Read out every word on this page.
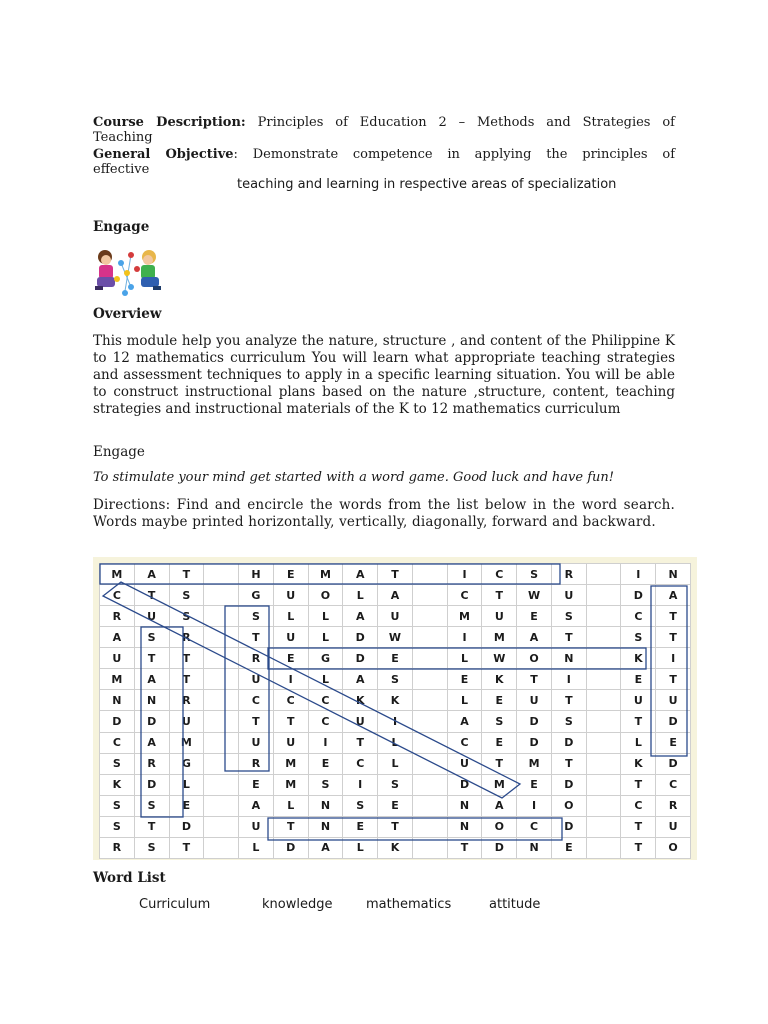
Course Description: Principles of Education 2 – Methods and Strategies of
Teaching
General Objective: Demonstrate competence in applying the principles of
effective
teaching and learning in respective areas of specialization
Engage
Overview
This module help you analyze the nature, structure , and content of the Philippine K to 12 mathematics curriculum You will learn what appropriate teaching strategies and assessment techniques to apply in a specific learning situation. You will be able to construct instructional plans based on the nature ,structure, content, teaching strategies and instructional materials of the K to 12 mathematics curriculum
Engage
To stimulate your mind get started with a word game. Good luck and have fun!
Directions: Find and encircle the words from the list below in the word search. Words maybe printed horizontally, vertically, diagonally, forward and backward.
M	A	T	H	E	M	A	T	I	C	S	R	I	N
C	T	S	G	U	O	L	A	C	T	W	U	D	A
R	U	S	S	L	L	A	U	M	U	E	S	C	T
A	S	R	T	U	L	D	W	I	M	A	T	S	T
U	T	T	R	E	G	D	E	L	W	O	N	K	I
M	A	T	U	I	L	A	S	E	K	T	I	E	T
N	N	R	C	C	C	K	K	L	E	U	T	U	U
D	D	U	T	T	C	U	I	A	S	D	S	T	D
C	A	M	U	U	I	T	L	C	E	D	D	L	E
S	R	G	R	M	E	C	L	U	T	M	T	K	D
K	D	L	E	M	S	I	S	D	M	E	D	T	C
S	S	E	A	L	N	S	E	N	A	I	O	C	R
S	T	D	U	T	N	E	T	N	O	C	D	T	U
R	S	T	L	D	A	L	K	T	D	N	E	T	O
Word List
Curriculum	knowledge	mathematics	attitude
